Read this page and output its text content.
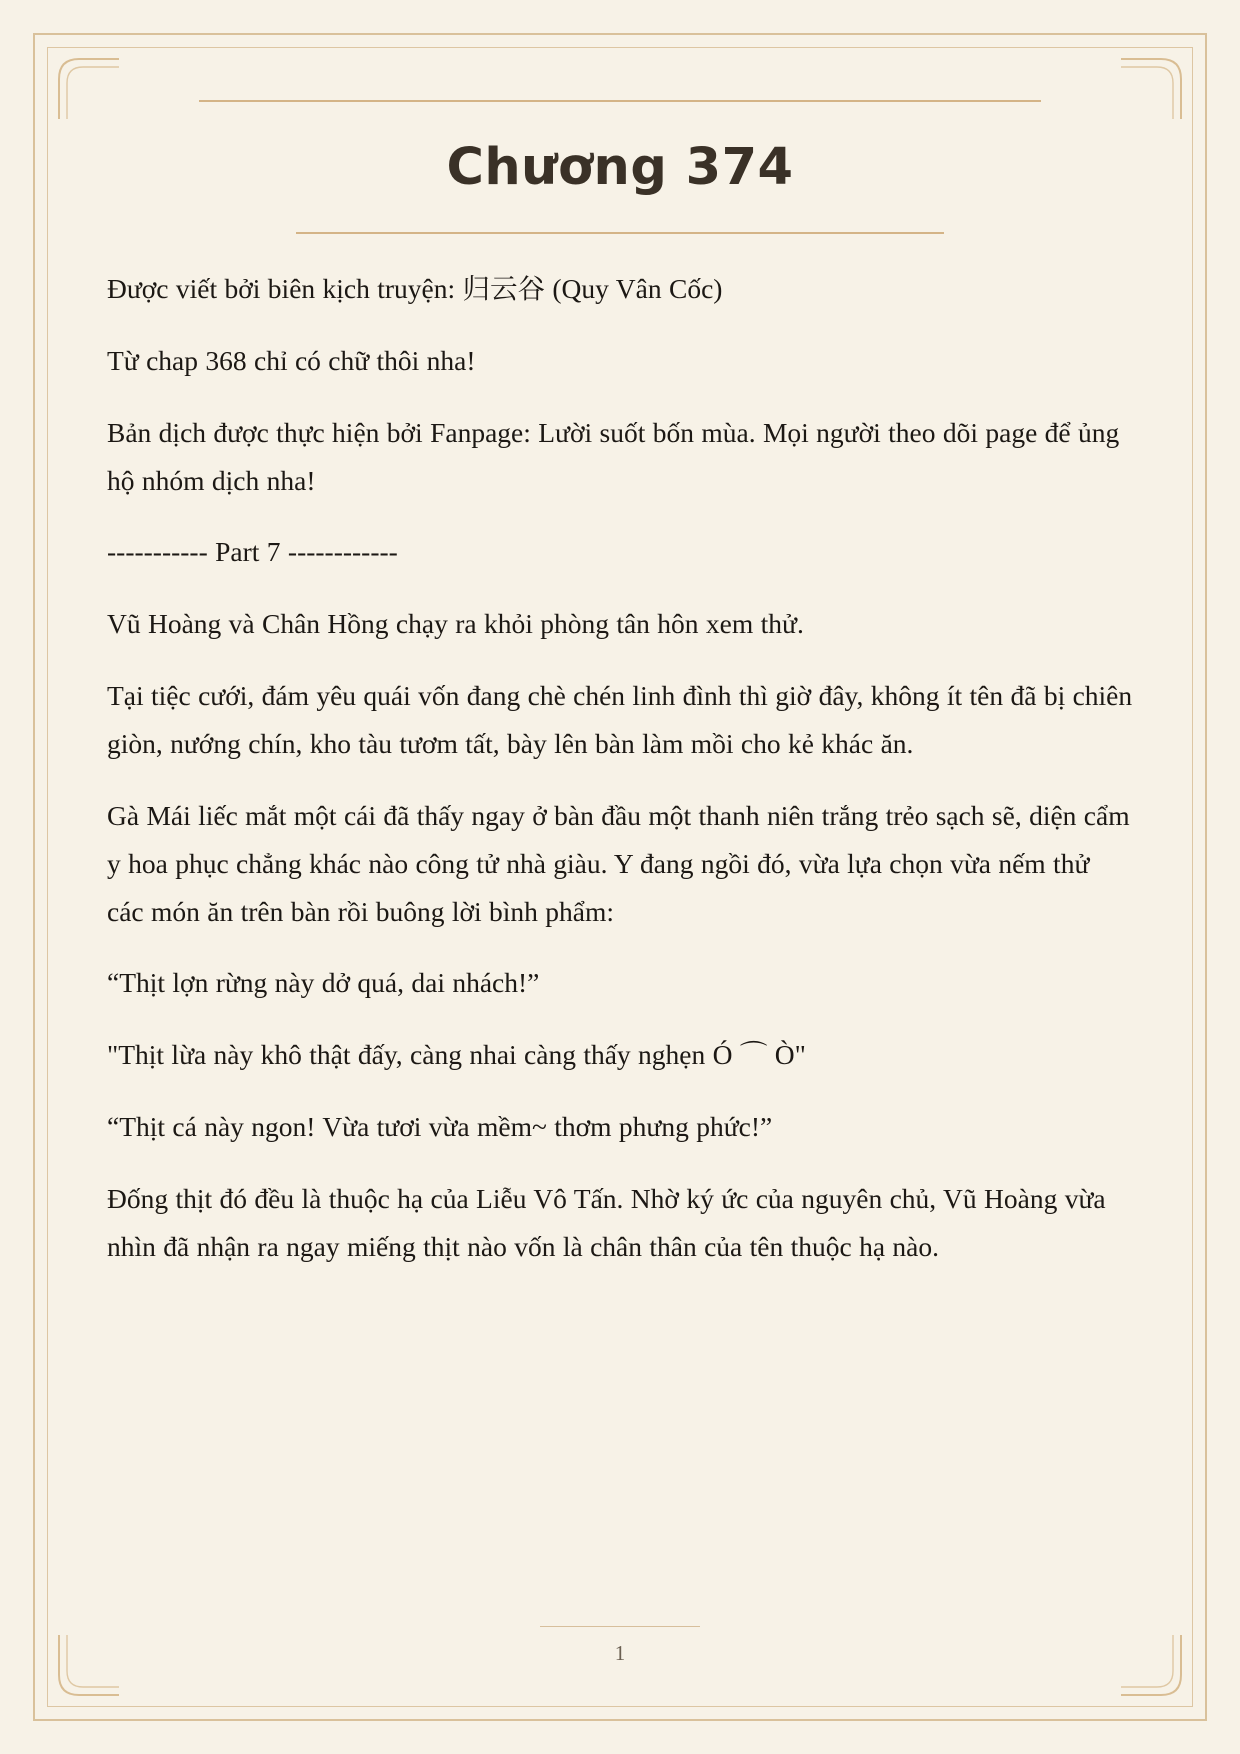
Chương 374

Được viết bởi biên kịch truyện: 归云谷 (Quy Vân Cốc)

Từ chap 368 chỉ có chữ thôi nha!

Bản dịch được thực hiện bởi Fanpage: Lười suốt bốn mùa. Mọi người theo dõi page để ủng hộ nhóm dịch nha!

----------- Part 7 ------------

Vũ Hoàng và Chân Hồng chạy ra khỏi phòng tân hôn xem thử.

Tại tiệc cưới, đám yêu quái vốn đang chè chén linh đình thì giờ đây, không ít tên đã bị chiên giòn, nướng chín, kho tàu tươm tất, bày lên bàn làm mồi cho kẻ khác ăn.

Gà Mái liếc mắt một cái đã thấy ngay ở bàn đầu một thanh niên trắng trẻo sạch sẽ, diện cẩm y hoa phục chẳng khác nào công tử nhà giàu. Y đang ngồi đó, vừa lựa chọn vừa nếm thử các món ăn trên bàn rồi buông lời bình phẩm:

“Thịt lợn rừng này dở quá, dai nhách!”

"Thịt lừa này khô thật đấy, càng nhai càng thấy nghẹn Ó ⌒ Ò"

“Thịt cá này ngon! Vừa tươi vừa mềm~ thơm phưng phức!”

Đống thịt đó đều là thuộc hạ của Liễu Vô Tấn. Nhờ ký ức của nguyên chủ, Vũ Hoàng vừa nhìn đã nhận ra ngay miếng thịt nào vốn là chân thân của tên thuộc hạ nào.

1
